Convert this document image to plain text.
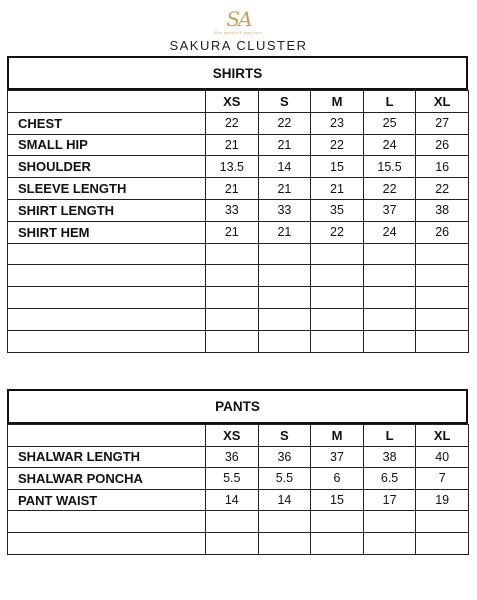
SA
the perfect partner
SAKURA CLUSTER
SHIRTS
	XS	S	M	L	XL
CHEST	22	22	23	25	27
SMALL HIP	21	21	22	24	26
SHOULDER	13.5	14	15	15.5	16
SLEEVE LENGTH	21	21	21	22	22
SHIRT LENGTH	33	33	35	37	38
SHIRT HEM	21	21	22	24	26

PANTS
	XS	S	M	L	XL
SHALWAR LENGTH	36	36	37	38	40
SHALWAR PONCHA	5.5	5.5	6	6.5	7
PANT WAIST	14	14	15	17	19
